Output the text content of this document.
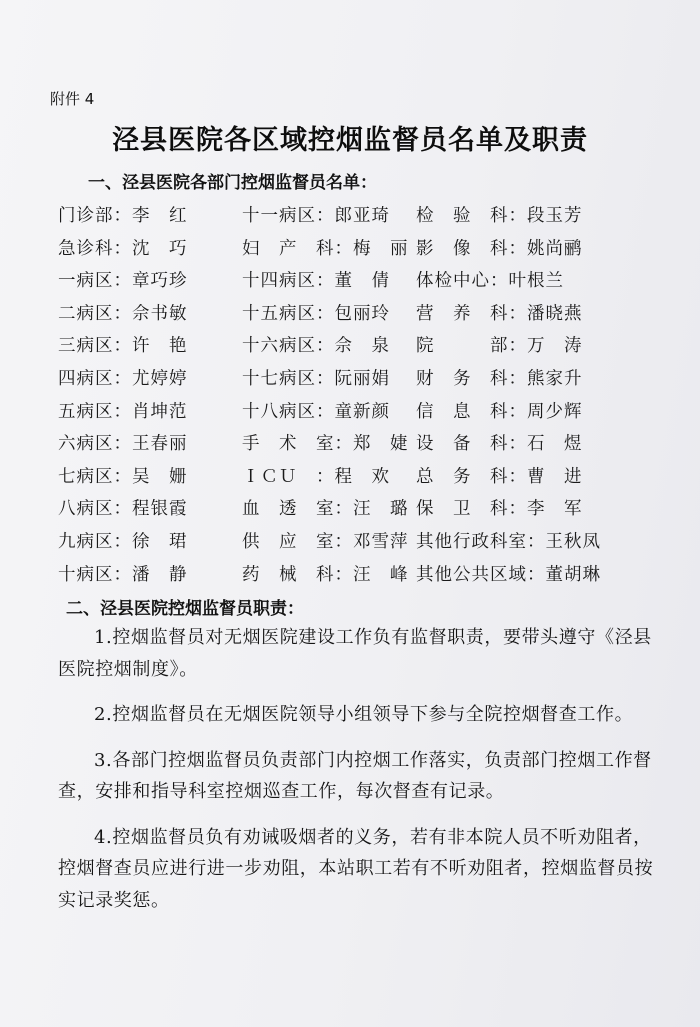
附件 4
泾县医院各区域控烟监督员名单及职责
一、泾县医院各部门控烟监督员名单：
门诊部：李　红	十一病区：郎亚琦 检　验　科：段玉芳
急诊科：沈　巧	妇　产　科：梅　丽 影　像　科：姚尚鹂
一病区：章巧珍	十四病区：董　倩 体检中心：叶根兰
二病区：佘书敏	十五病区：包丽玲 营　养　科：潘晓燕
三病区：许　艳	十六病区：佘　泉 院　　　部：万　涛
四病区：尤婷婷	十七病区：阮丽娟 财　务　科：熊家升
五病区：肖坤范	十八病区：童新颜 信　息　科：周少辉
六病区：王春丽	手　术　室：郑　婕 设　备　科：石　煜
七病区：吴　姗	ＩＣＵ　：程　欢 总　务　科：曹　进
八病区：程银霞	血　透　室：汪　璐 保　卫　科：李　军
九病区：徐　珺	供　应　室：邓雪萍 其他行政科室：王秋凤
十病区：潘　静	药　械　科：汪　峰 其他公共区域：董胡琳
二、泾县医院控烟监督员职责：

1.控烟监督员对无烟医院建设工作负有监督职责，要带头遵守《泾县医院控烟制度》。

2.控烟监督员在无烟医院领导小组领导下参与全院控烟督查工作。

3.各部门控烟监督员负责部门内控烟工作落实，负责部门控烟工作督查，安排和指导科室控烟巡查工作，每次督查有记录。

4.控烟监督员负有劝诫吸烟者的义务，若有非本院人员不听劝阻者，控烟督查员应进行进一步劝阻，本站职工若有不听劝阻者，控烟监督员按实记录奖惩。
